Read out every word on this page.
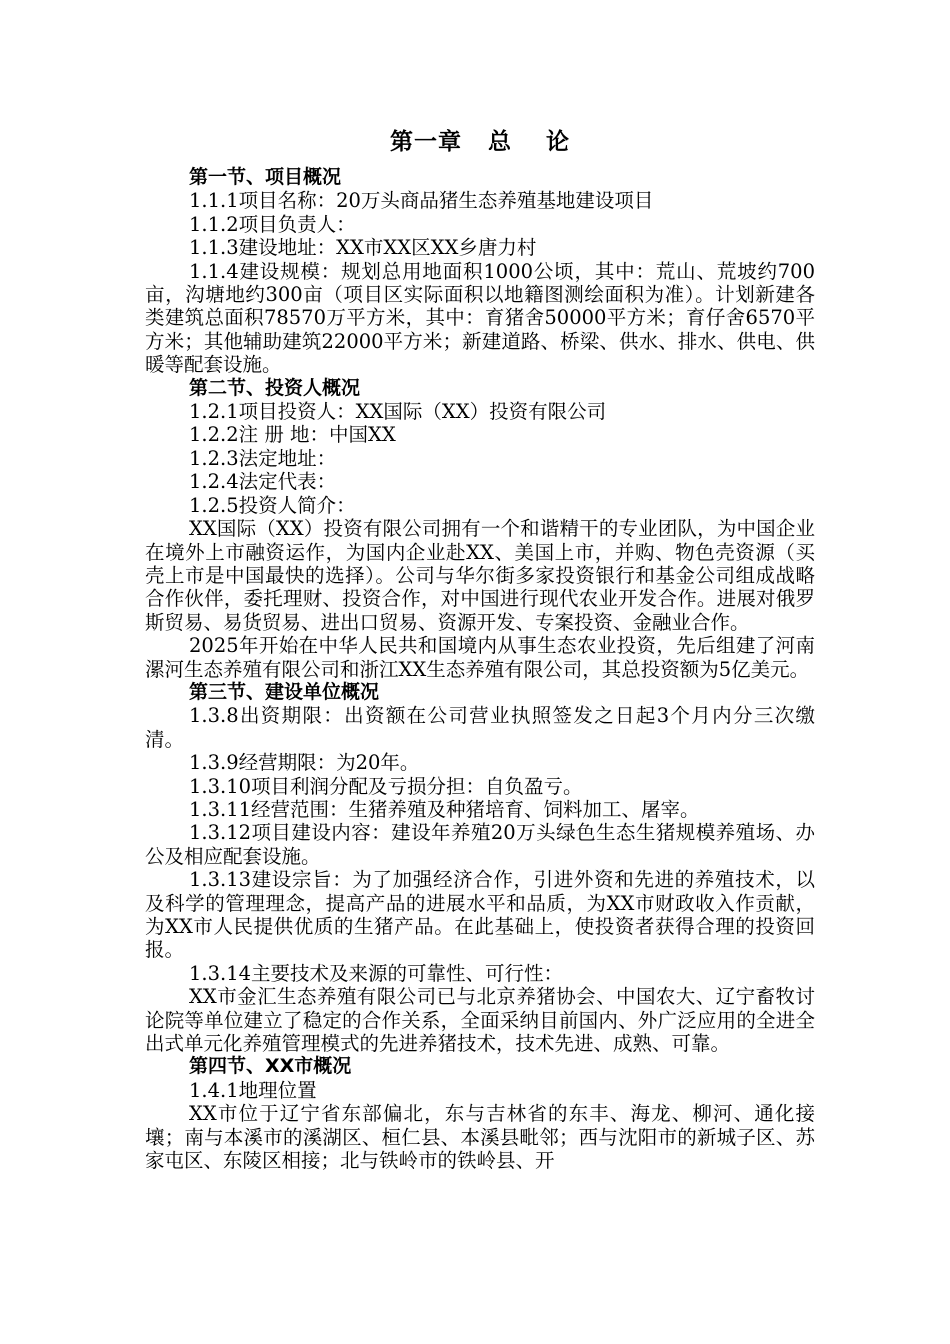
第一章 总 论
第一节、项目概况

1.1.1项目名称：20万头商品猪生态养殖基地建设项目

1.1.2项目负责人：

1.1.3建设地址：XX市XX区XX乡唐力村

1.1.4建设规模：规划总用地面积1000公顷，其中：荒山、荒坡约700亩，沟塘地约300亩（项目区实际面积以地籍图测绘面积为准）。计划新建各类建筑总面积78570万平方米，其中：育猪舍50000平方米；育仔舍6570平方米；其他辅助建筑22000平方米；新建道路、桥梁、供水、排水、供电、供暖等配套设施。

第二节、投资人概况

1.2.1项目投资人：XX国际（XX）投资有限公司

1.2.2注 册 地：中国XX

1.2.3法定地址：

1.2.4法定代表：

1.2.5投资人简介：

XX国际（XX）投资有限公司拥有一个和谐精干的专业团队，为中国企业在境外上市融资运作，为国内企业赴XX、美国上市，并购、物色壳资源（买壳上市是中国最快的选择）。公司与华尔街多家投资银行和基金公司组成战略合作伙伴，委托理财、投资合作，对中国进行现代农业开发合作。进展对俄罗斯贸易、易货贸易、进出口贸易、资源开发、专案投资、金融业合作。

2025年开始在中华人民共和国境内从事生态农业投资，先后组建了河南漯河生态养殖有限公司和浙江XX生态养殖有限公司，其总投资额为5亿美元。

第三节、建设单位概况

1.3.8出资期限：出资额在公司营业执照签发之日起3个月内分三次缴清。

1.3.9经营期限：为20年。

1.3.10项目利润分配及亏损分担：自负盈亏。

1.3.11经营范围：生猪养殖及种猪培育、饲料加工、屠宰。

1.3.12项目建设内容：建设年养殖20万头绿色生态生猪规模养殖场、办公及相应配套设施。

1.3.13建设宗旨：为了加强经济合作，引进外资和先进的养殖技术，以及科学的管理理念，提高产品的进展水平和品质，为XX市财政收入作贡献，为XX市人民提供优质的生猪产品。在此基础上，使投资者获得合理的投资回报。

1.3.14主要技术及来源的可靠性、可行性：

XX市金汇生态养殖有限公司已与北京养猪协会、中国农大、辽宁畜牧讨论院等单位建立了稳定的合作关系，全面采纳目前国内、外广泛应用的全进全出式单元化养殖管理模式的先进养猪技术，技术先进、成熟、可靠。

第四节、XX市概况

1.4.1地理位置

XX市位于辽宁省东部偏北，东与吉林省的东丰、海龙、柳河、通化接壤；南与本溪市的溪湖区、桓仁县、本溪县毗邻；西与沈阳市的新城子区、苏家屯区、东陵区相接；北与铁岭市的铁岭县、开
